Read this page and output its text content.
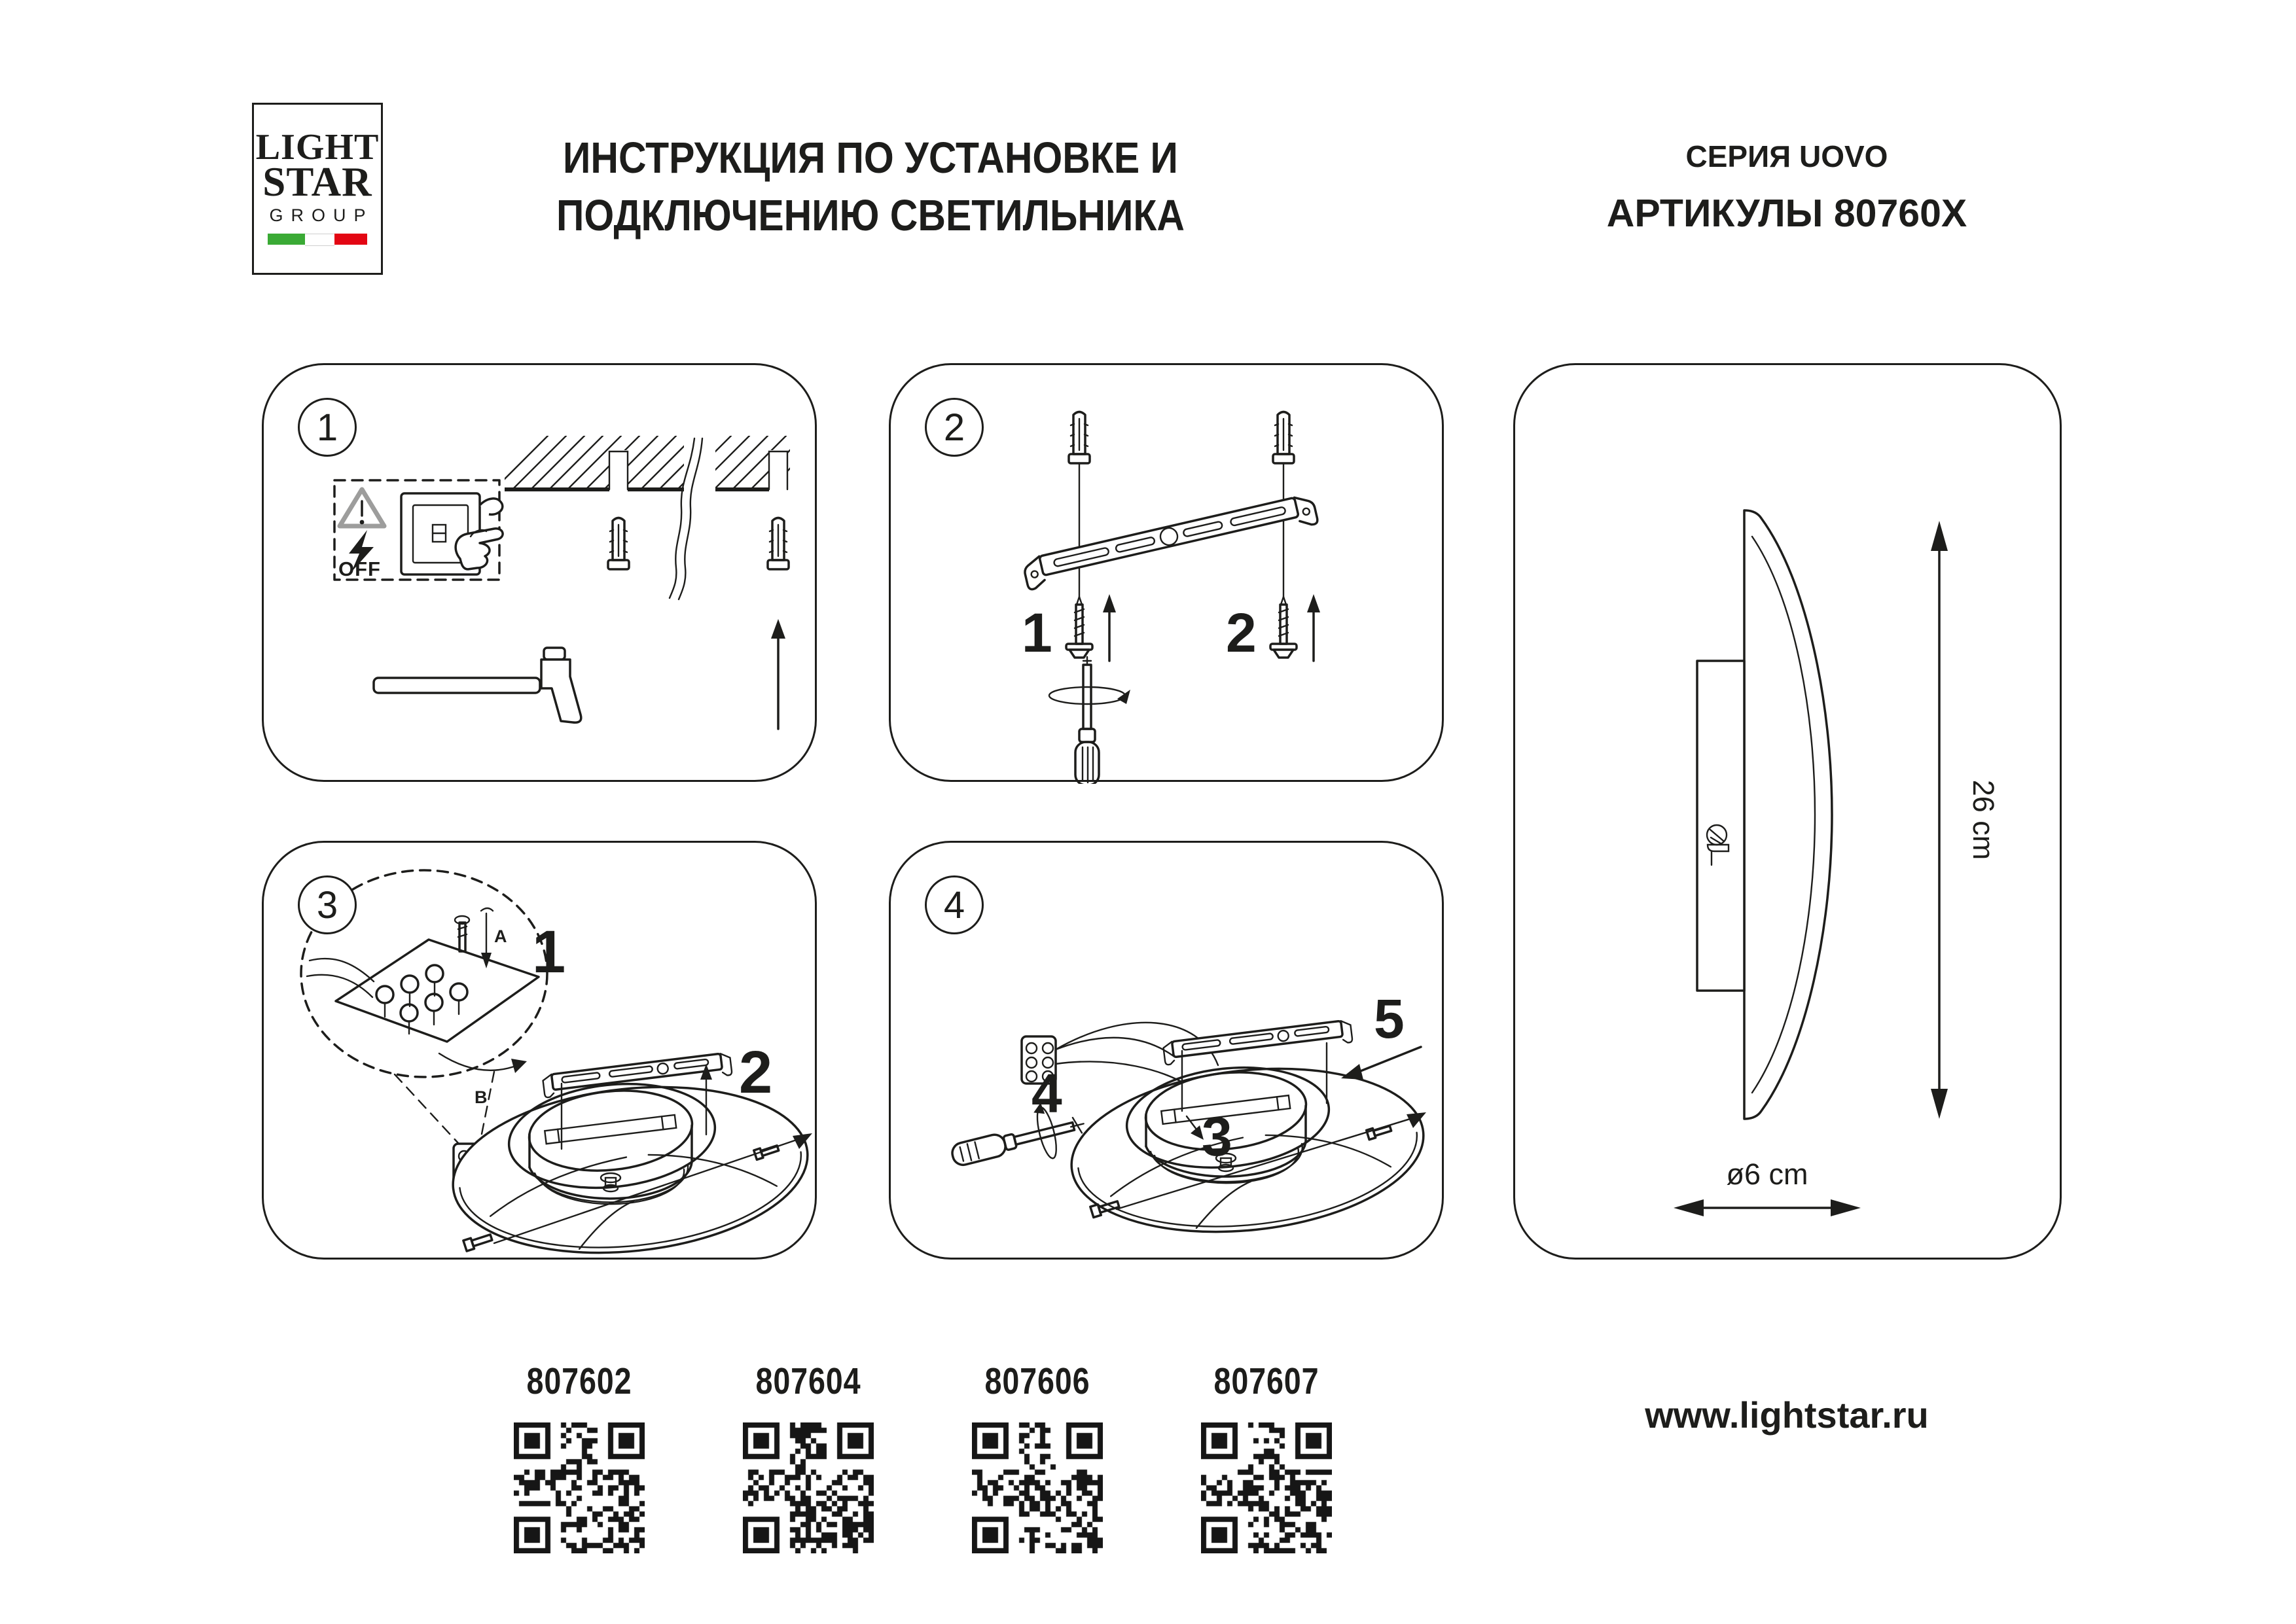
LIGHT
STAR
GROUP
ИНСТРУКЦИЯ ПО УСТАНОВКЕ И
ПОДКЛЮЧЕНИЮ СВЕТИЛЬНИКА
СЕРИЯ UOVO
АРТИКУЛЫ 80760X
OFF
1
1	2
2
A
B
1
2
3
4
3
5
4
26 cm
ø6 cm
807602	807604	807606	807607
www.lightstar.ru
